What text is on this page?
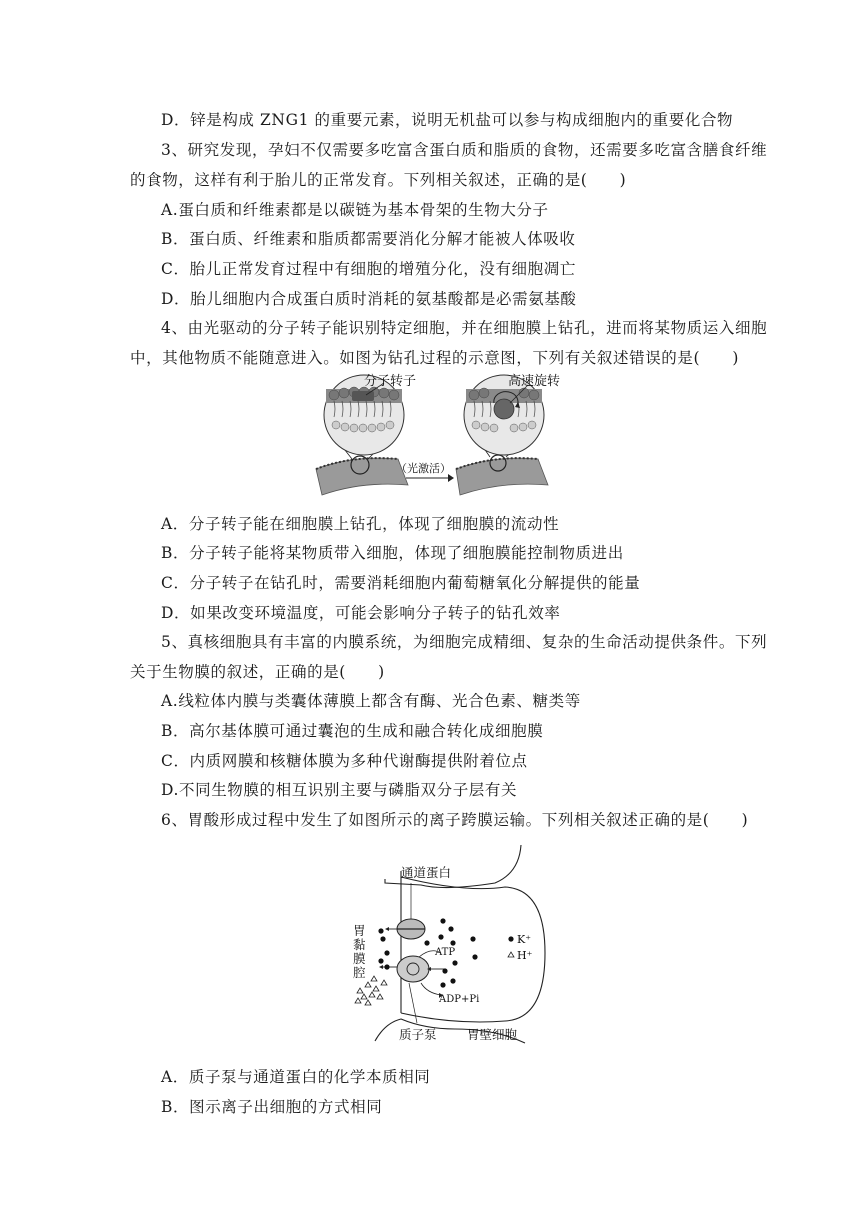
D．锌是构成 ZNG1 的重要元素，说明无机盐可以参与构成细胞内的重要化合物
3、研究发现，孕妇不仅需要多吃富含蛋白质和脂质的食物，还需要多吃富含膳食纤维
的食物，这样有利于胎儿的正常发育。下列相关叙述，正确的是(　　)
A.蛋白质和纤维素都是以碳链为基本骨架的生物大分子
B．蛋白质、纤维素和脂质都需要消化分解才能被人体吸收
C．胎儿正常发育过程中有细胞的增殖分化，没有细胞凋亡
D．胎儿细胞内合成蛋白质时消耗的氨基酸都是必需氨基酸
4、由光驱动的分子转子能识别特定细胞，并在细胞膜上钻孔，进而将某物质运入细胞
中，其他物质不能随意进入。如图为钻孔过程的示意图，下列有关叙述错误的是(　　)
分子转子
（光激活）
高速旋转
A．分子转子能在细胞膜上钻孔，体现了细胞膜的流动性
B．分子转子能将某物质带入细胞，体现了细胞膜能控制物质进出
C．分子转子在钻孔时，需要消耗细胞内葡萄糖氧化分解提供的能量
D．如果改变环境温度，可能会影响分子转子的钻孔效率
5、真核细胞具有丰富的内膜系统，为细胞完成精细、复杂的生命活动提供条件。下列
关于生物膜的叙述，正确的是(　　)
A.线粒体内膜与类囊体薄膜上都含有酶、光合色素、糖类等
B．高尔基体膜可通过囊泡的生成和融合转化成细胞膜
C．内质网膜和核糖体膜为多种代谢酶提供附着位点
D.不同生物膜的相互识别主要与磷脂双分子层有关
6、胃酸形成过程中发生了如图所示的离子跨膜运输。下列相关叙述正确的是(　　)
通道蛋白
ATP
ADP+Pi
胃 黏 膜 腔
K⁺
H⁺
质子泵 胃壁细胞
A．质子泵与通道蛋白的化学本质相同
B．图示离子出细胞的方式相同
